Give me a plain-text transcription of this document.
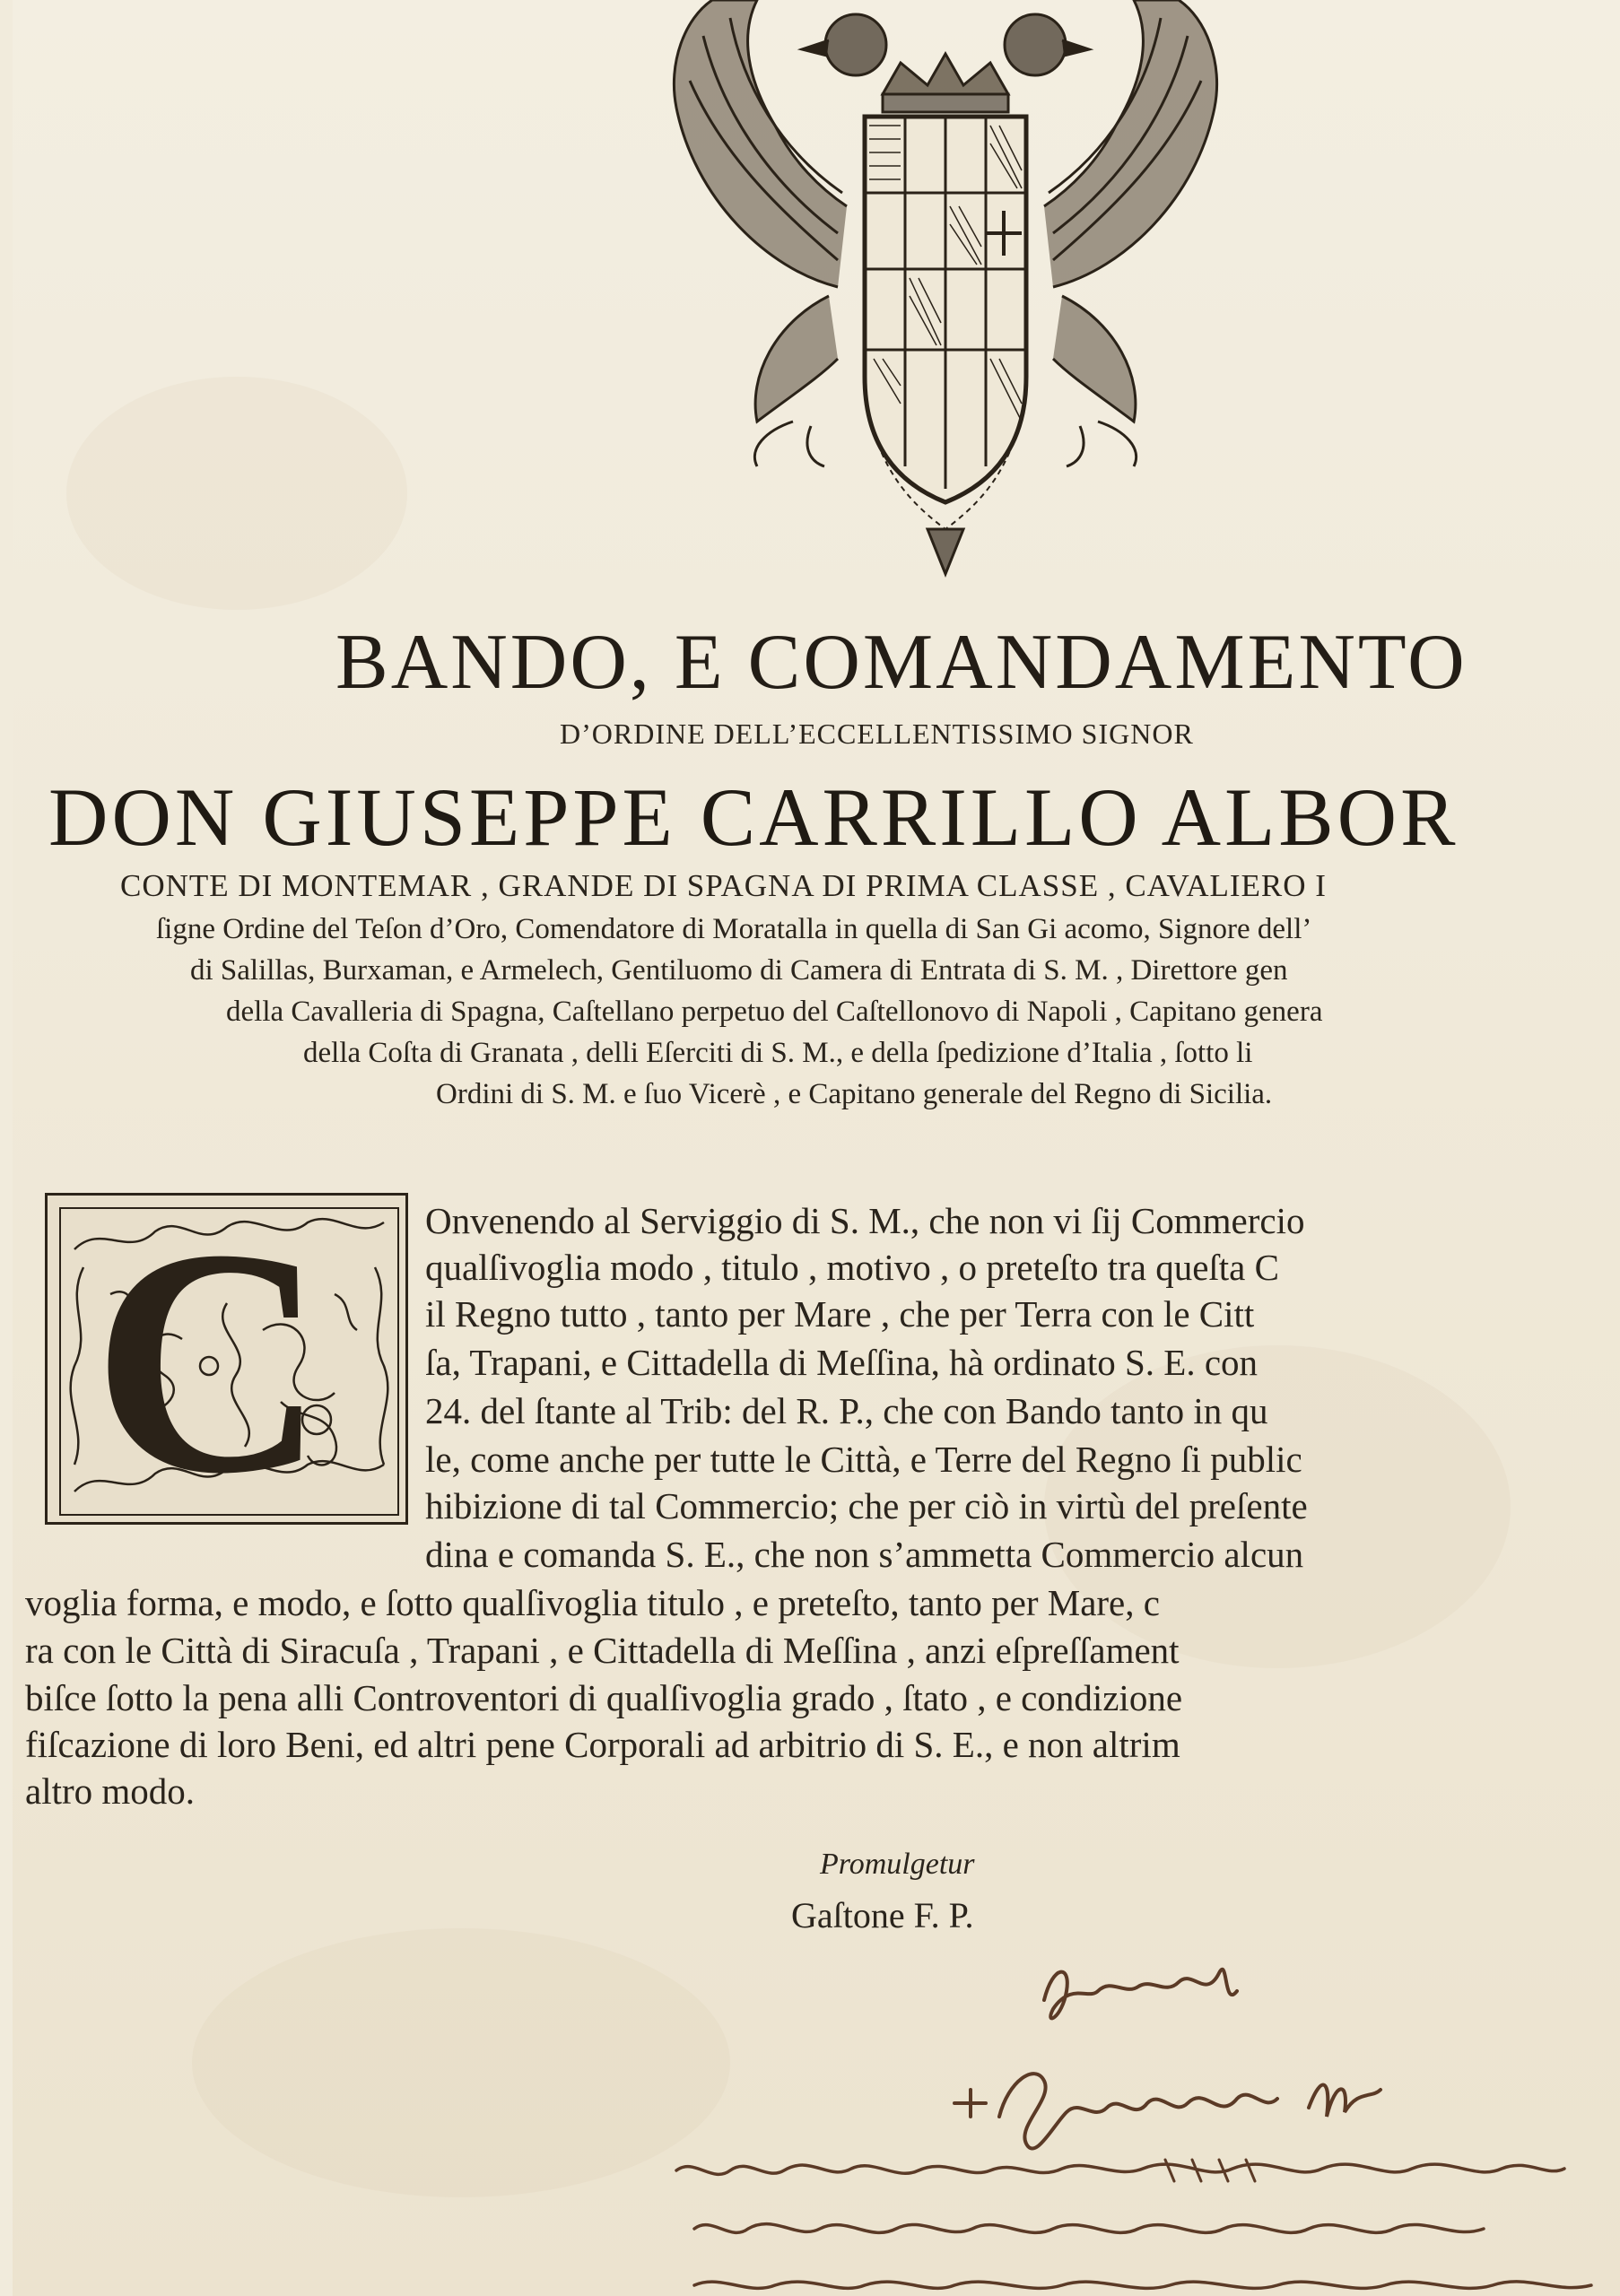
BANDO, E COMANDAMENTO
D’ORDINE DELL’ECCELLENTISSIMO SIGNOR
DON GIUSEPPE CARRILLO ALBOR
CONTE DI MONTEMAR , GRANDE DI SPAGNA DI PRIMA CLASSE , CAVALIERO I
ſigne Ordine del Teſon d’Oro, Comendatore di Moratalla in quella di San Gi acomo, Signore dell’
di Salillas, Burxaman, e Armelech, Gentiluomo di Camera di Entrata di S. M. , Direttore gen
della Cavalleria di Spagna, Caſtellano perpetuo del Caſtellonovo di Napoli , Capitano genera
della Coſta di Granata , delli Eſerciti di S. M., e della ſpedizione d’Italia , ſotto li
Ordini di S. M. e ſuo Vicerè , e Capitano generale del Regno di Sicilia.
C	Onvenendo al Serviggio di S. M., che non vi ſij Commercio
qualſivoglia modo , titulo , motivo , o preteſto tra queſta C
il Regno tutto , tanto per Mare , che per Terra con le Citt
ſa, Trapani, e Cittadella di Meſſina, hà ordinato S. E. con
24. del ſtante al Trib: del R. P., che con Bando tanto in qu
le, come anche per tutte le Città, e Terre del Regno ſi public
hibizione di tal Commercio; che per ciò in virtù del preſente
dina e comanda S. E., che non s’ammetta Commercio alcun
voglia forma, e modo, e ſotto qualſivoglia titulo , e preteſto, tanto per Mare, c
ra con le Città di Siracuſa , Trapani , e Cittadella di Meſſina , anzi eſpreſſament
biſce ſotto la pena alli Controventori di qualſivoglia grado , ſtato , e condizione
fiſcazione di loro Beni, ed altri pene Corporali ad arbitrio di S. E., e non altrim
altro modo.
Promulgetur
Gaſtone F. P.
